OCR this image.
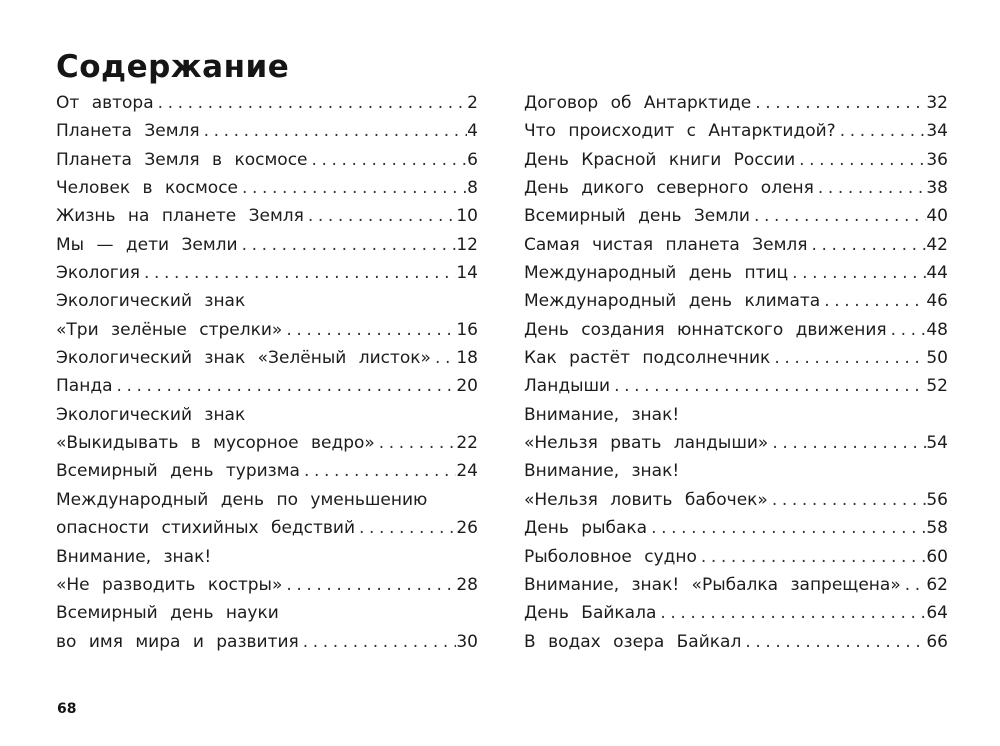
Содержание
От автора .....	2
Планета Земля .....	4
Планета Земля в космосе .....	6
Человек в космосе .....	8
Жизнь на планете Земля .....	10
Мы — дети Земли .....	12
Экология .....	14
Экологический знак
«Три зелёные стрелки» .....	16
Экологический знак «Зелёный листок» ..... 18
Панда .....	20
Экологический знак
«Выкидывать в мусорное ведро» .....	22
Всемирный день туризма .....	24
Международный день по уменьшению
опасности стихийных бедствий .....	26
Внимание, знак!
«Не разводить костры» .....	28
Всемирный день науки
во имя мира и развития .....	30
Договор об Антарктиде .....	32
Что происходит с Антарктидой? .....	34
День Красной книги России .....	36
День дикого северного оленя .....	38
Всемирный день Земли .....	40
Самая чистая планета Земля .....	42
Международный день птиц .....	44
Международный день климата .....	46
День создания юннатского движения ..... 48
Как растёт подсолнечник .....	50
Ландыши .....	52
Внимание, знак!
«Нельзя рвать ландыши» .....	54
Внимание, знак!
«Нельзя ловить бабочек» .....	56
День рыбака .....	58
Рыболовное судно .....	60
Внимание, знак! «Рыбалка запрещена» ..... 62
День Байкала .....	64
В водах озера Байкал .....	66
68
